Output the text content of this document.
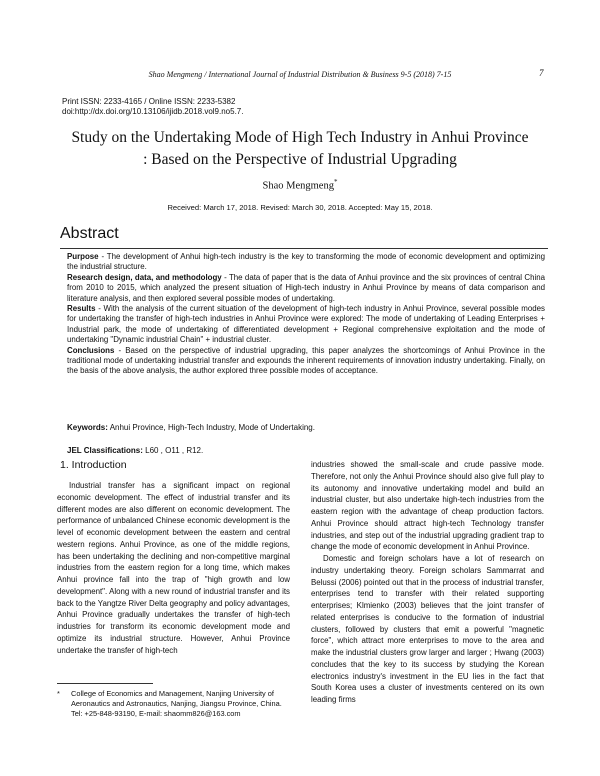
Shao Mengmeng / International Journal of Industrial Distribution & Business 9-5 (2018) 7-15	7
Print ISSN: 2233-4165 / Online ISSN: 2233-5382
doi:http://dx.doi.org/10.13106/ijidb.2018.vol9.no5.7.
Study on the Undertaking Mode of High Tech Industry in Anhui Province
: Based on the Perspective of Industrial Upgrading
Shao Mengmeng*
Received: March 17, 2018. Revised: March 30, 2018. Accepted: May 15, 2018.
Abstract

Purpose - The development of Anhui high-tech industry is the key to transforming the mode of economic development and optimizing the industrial structure.

Research design, data, and methodology - The data of paper that is the data of Anhui province and the six provinces of central China from 2010 to 2015, which analyzed the present situation of High-tech industry in Anhui Province by means of data comparison and literature analysis, and then explored several possible modes of undertaking.

Results - With the analysis of the current situation of the development of high-tech industry in Anhui Province, several possible modes for undertaking the transfer of high-tech industries in Anhui Province were explored: The mode of undertaking of Leading Enterprises + Industrial park, the mode of undertaking of differentiated development + Regional comprehensive exploitation and the mode of undertaking "Dynamic industrial Chain" + industrial cluster.

Conclusions - Based on the perspective of industrial upgrading, this paper analyzes the shortcomings of Anhui Province in the traditional mode of undertaking industrial transfer and expounds the inherent requirements of innovation industry undertaking. Finally, on the basis of the above analysis, the author explored three possible modes of acceptance.

Keywords: Anhui Province, High-Tech Industry, Mode of Undertaking.
JEL Classifications: L60 , O11 , R12.
1. Introduction

Industrial transfer has a significant impact on regional economic development. The effect of industrial transfer and its different modes are also different on economic development. The performance of unbalanced Chinese economic development is the level of economic development between the eastern and central western regions. Anhui Province, as one of the middle regions, has been undertaking the declining and non-competitive marginal industries from the eastern region for a long time, which makes Anhui province fall into the trap of "high growth and low development". Along with a new round of industrial transfer and its back to the Yangtze River Delta geography and policy advantages, Anhui Province gradually undertakes the transfer of high-tech industries for transform its economic development mode and optimize its industrial structure. However, Anhui Province undertake the transfer of high-tech

industries showed the small-scale and crude passive mode. Therefore, not only the Anhui Province should also give full play to its autonomy and innovative undertaking model and build an industrial cluster, but also undertake high-tech industries from the eastern region with the advantage of cheap production factors. Anhui Province should attract high-tech Technology transfer industries, and step out of the industrial upgrading gradient trap to change the mode of economic development in Anhui Province.

Domestic and foreign scholars have a lot of research on industry undertaking theory. Foreign scholars Sammarrat and Belussi (2006) pointed out that in the process of industrial transfer, enterprises tend to transfer with their related supporting enterprises; Klmienko (2003) believes that the joint transfer of related enterprises is conducive to the formation of industrial clusters, followed by clusters that emit a powerful "magnetic force", which attract more enterprises to move to the area and make the industrial clusters grow larger and larger ; Hwang (2003) concludes that the key to its success by studying the Korean electronics industry's investment in the EU lies in the fact that South Korea uses a cluster of investments centered on its own leading firms

* College of Economics and Management, Nanjing University of Aeronautics and Astronautics, Nanjing, Jiangsu Province, China. Tel: +25-848-93190, E-mail: shaomm826@163.com
